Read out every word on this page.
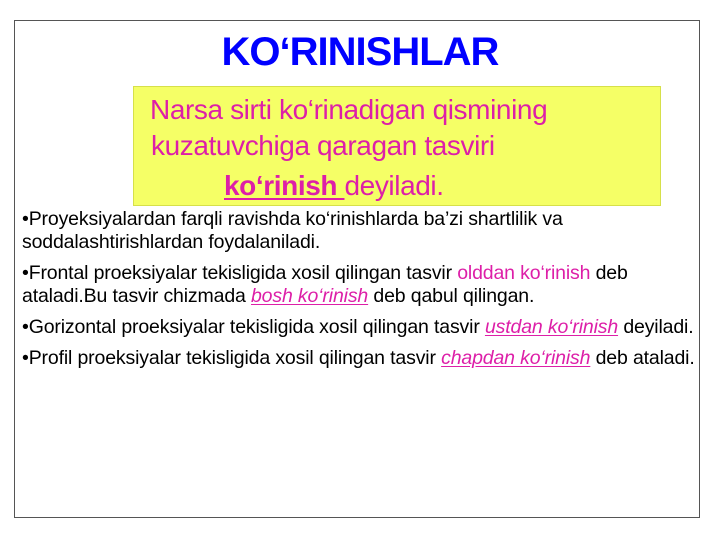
KO‘RINISHLAR
Narsa sirti ko‘rinadigan qismining
kuzatuvchiga qaragan tasviri
ko‘rinish deyiladi.
•Proyeksiyalardan farqli ravishda ko‘rinishlarda ba’zi shartlilik va soddalashtirishlardan foydalaniladi.
•Frontal proeksiyalar tekisligida xosil qilingan tasvir olddan ko‘rinish deb ataladi.Bu tasvir chizmada bosh ko‘rinish deb qabul qilingan.
•Gorizontal proeksiyalar tekisligida xosil qilingan tasvir ustdan ko‘rinish deyiladi.
•Profil proeksiyalar tekisligida xosil qilingan tasvir chapdan ko‘rinish deb ataladi.
